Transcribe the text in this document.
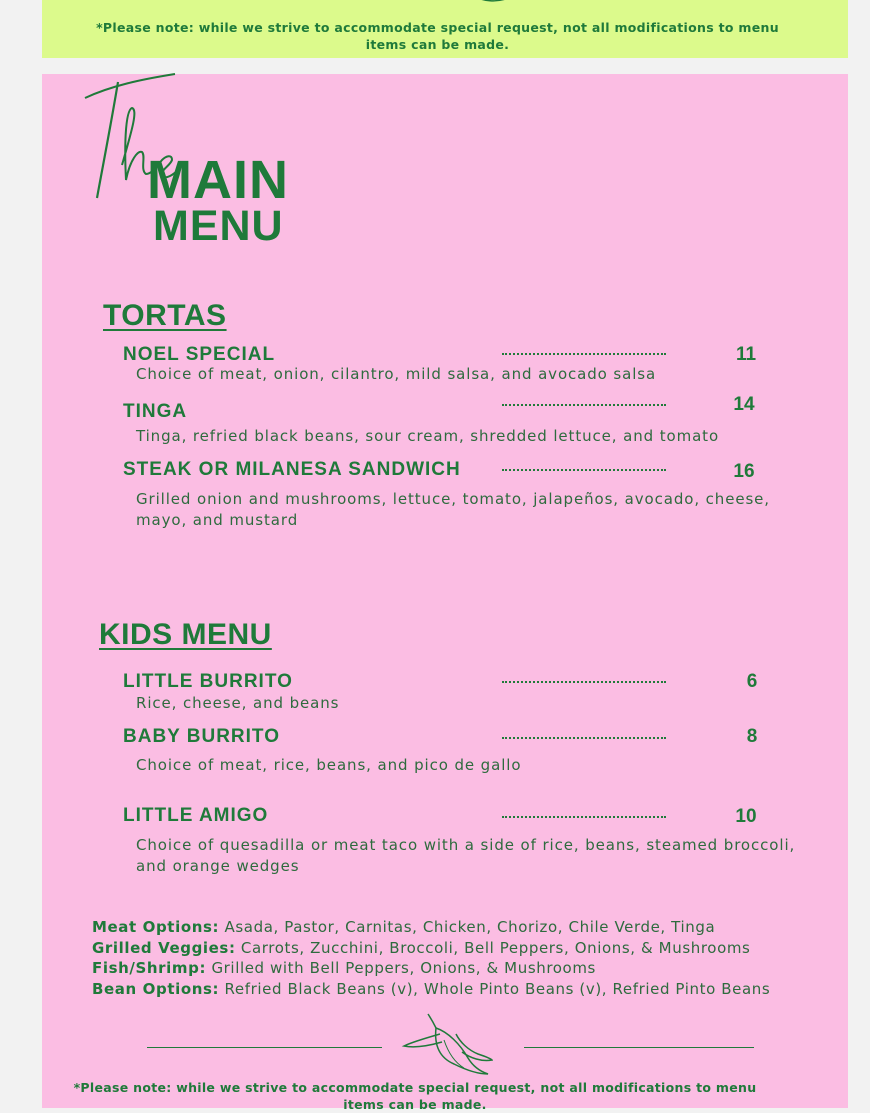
*Please note: while we strive to accommodate special request, not all modifications to menu items can be made.
MAIN
MENU
TORTAS
NOEL SPECIAL	11
Choice of meat, onion, cilantro, mild salsa, and avocado salsa
TINGA	14
Tinga, refried black beans, sour cream, shredded lettuce, and tomato
STEAK OR MILANESA SANDWICH	16
Grilled onion and mushrooms, lettuce, tomato, jalapeños, avocado, cheese, mayo, and mustard
KIDS MENU
LITTLE BURRITO	6
Rice, cheese, and beans
BABY BURRITO	8
Choice of meat, rice, beans, and pico de gallo
LITTLE AMIGO	10
Choice of quesadilla or meat taco with a side of rice, beans, steamed broccoli, and orange wedges
Meat Options: Asada, Pastor, Carnitas, Chicken, Chorizo, Chile Verde, Tinga
Grilled Veggies: Carrots, Zucchini, Broccoli, Bell Peppers, Onions, & Mushrooms
Fish/Shrimp: Grilled with Bell Peppers, Onions, & Mushrooms
Bean Options: Refried Black Beans (v), Whole Pinto Beans (v), Refried Pinto Beans
*Please note: while we strive to accommodate special request, not all modifications to menu items can be made.
